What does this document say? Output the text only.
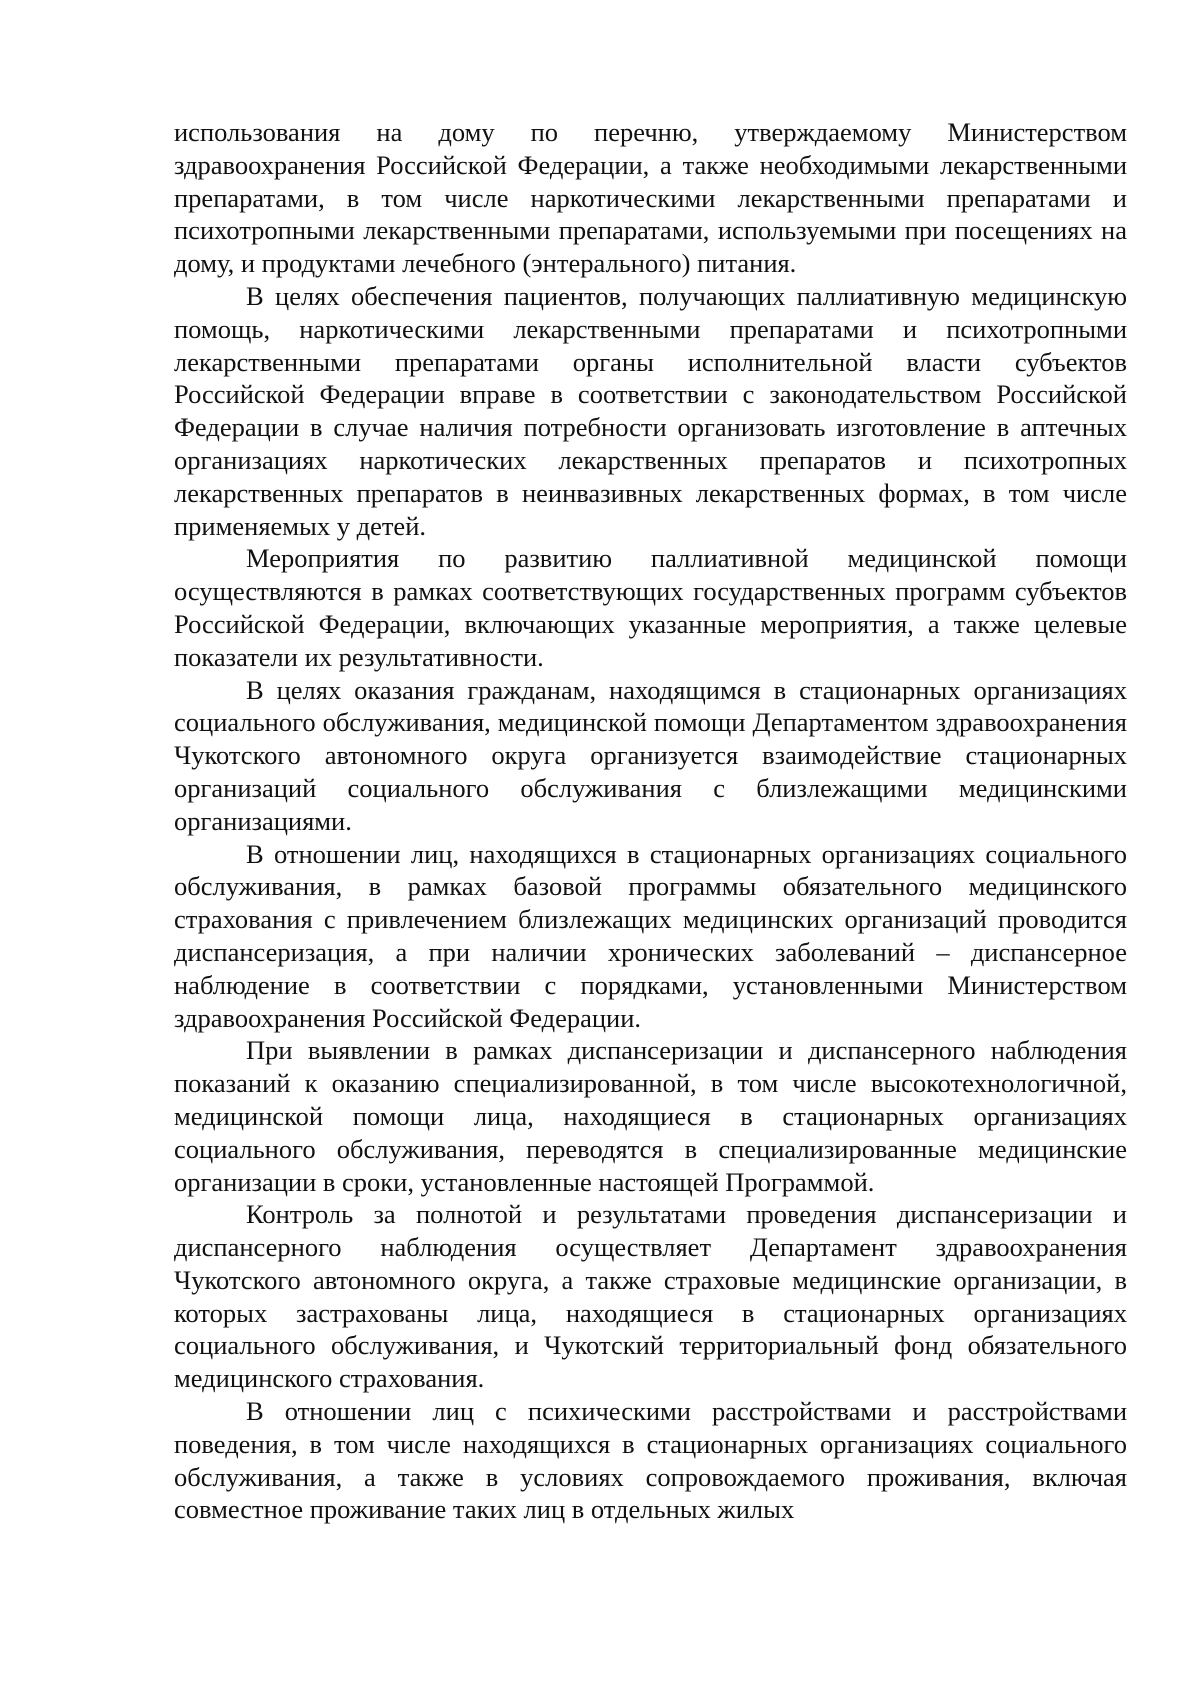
использования на дому по перечню, утверждаемому Министерством здравоохранения Российской Федерации, а также необходимыми лекарственными препаратами, в том числе наркотическими лекарственными препаратами и психотропными лекарственными препаратами, используемыми при посещениях на дому, и продуктами лечебного (энтерального) питания.

В целях обеспечения пациентов, получающих паллиативную медицинскую помощь, наркотическими лекарственными препаратами и психотропными лекарственными препаратами органы исполнительной власти субъектов Российской Федерации вправе в соответствии с законодательством Российской Федерации в случае наличия потребности организовать изготовление в аптечных организациях наркотических лекарственных препаратов и психотропных лекарственных препаратов в неинвазивных лекарственных формах, в том числе применяемых у детей.

Мероприятия по развитию паллиативной медицинской помощи осуществляются в рамках соответствующих государственных программ субъектов Российской Федерации, включающих указанные мероприятия, а также целевые показатели их результативности.

В целях оказания гражданам, находящимся в стационарных организациях социального обслуживания, медицинской помощи Департаментом здравоохранения Чукотского автономного округа организуется взаимодействие стационарных организаций социального обслуживания с близлежащими медицинскими организациями.

В отношении лиц, находящихся в стационарных организациях социального обслуживания, в рамках базовой программы обязательного медицинского страхования с привлечением близлежащих медицинских организаций проводится диспансеризация, а при наличии хронических заболеваний – диспансерное наблюдение в соответствии с порядками, установленными Министерством здравоохранения Российской Федерации.

При выявлении в рамках диспансеризации и диспансерного наблюдения показаний к оказанию специализированной, в том числе высокотехнологичной, медицинской помощи лица, находящиеся в стационарных организациях социального обслуживания, переводятся в специализированные медицинские организации в сроки, установленные настоящей Программой.

Контроль за полнотой и результатами проведения диспансеризации и диспансерного наблюдения осуществляет Департамент здравоохранения Чукотского автономного округа, а также страховые медицинские организации, в которых застрахованы лица, находящиеся в стационарных организациях социального обслуживания, и Чукотский территориальный фонд обязательного медицинского страхования.

В отношении лиц с психическими расстройствами и расстройствами поведения, в том числе находящихся в стационарных организациях социального обслуживания, а также в условиях сопровождаемого проживания, включая совместное проживание таких лиц в отдельных жилых
